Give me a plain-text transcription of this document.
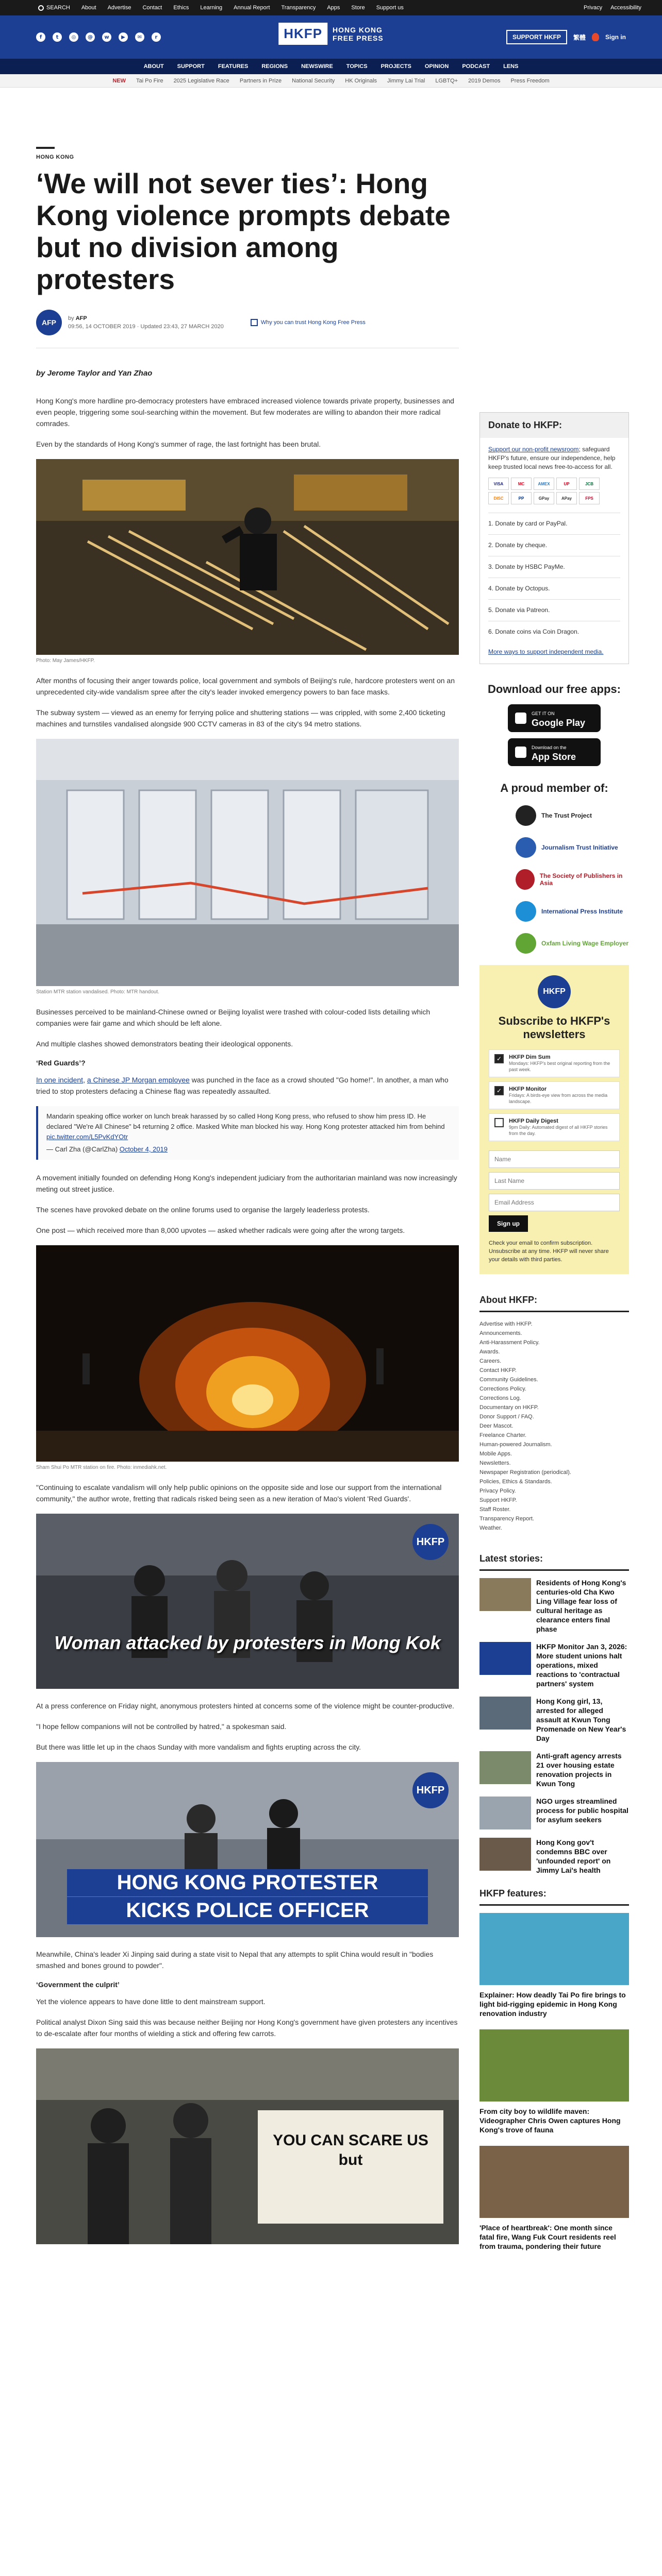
SEARCH About Advertise Contact Ethics Learning Annual Report Transparency Apps Store Support us	Privacy Accessibility
f	t	◎	@	w	▶	✉	r	HKFP	HONG KONG
FREE PRESS	SUPPORT HKFP	繁體	Sign in
ABOUT SUPPORT FEATURES REGIONS NEWSWIRE TOPICS PROJECTS OPINION PODCAST LENS
NEW Tai Po Fire 2025 Legislative Race Partners in Prize National Security HK Originals Jimmy Lai Trial LGBTQ+ 2019 Demos Press Freedom
HONG KONG
‘We will not sever ties’: Hong Kong violence prompts debate but no division among protesters
AFP	by AFP
09:56, 14 OCTOBER 2019 · Updated 23:43, 27 MARCH 2020
Why you can trust Hong Kong Free Press
by Jerome Taylor and Yan Zhao

Hong Kong's more hardline pro-democracy protesters have embraced increased violence towards private property, businesses and even people, triggering some soul-searching within the movement. But few moderates are willing to abandon their more radical comrades.

Even by the standards of Hong Kong's summer of rage, the last fortnight has been brutal.

Photo: May James/HKFP.

After months of focusing their anger towards police, local government and symbols of Beijing's rule, hardcore protesters went on an unprecedented city-wide vandalism spree after the city's leader invoked emergency powers to ban face masks.

The subway system — viewed as an enemy for ferrying police and shuttering stations — was crippled, with some 2,400 ticketing machines and turnstiles vandalised alongside 900 CCTV cameras in 83 of the city's 94 metro stations.

Station MTR station vandalised. Photo: MTR handout.

Businesses perceived to be mainland-Chinese owned or Beijing loyalist were trashed with colour-coded lists detailing which companies were fair game and which should be left alone.

And multiple clashes showed demonstrators beating their ideological opponents.

‘Red Guards’?

In one incident, a Chinese JP Morgan employee was punched in the face as a crowd shouted "Go home!". In another, a man who tried to stop protesters defacing a Chinese flag was repeatedly assaulted.

Mandarin speaking office worker on lunch break harassed by so called Hong Kong press, who refused to show him press ID. He declared "We're All Chinese" b4 returning 2 office. Masked White man blocked his way. Hong Kong protester attacked him from behind pic.twitter.com/L5PvKdYOtr
— Carl Zha (@CarlZha) October 4, 2019

A movement initially founded on defending Hong Kong's independent judiciary from the authoritarian mainland was now increasingly meting out street justice.

The scenes have provoked debate on the online forums used to organise the largely leaderless protests.

One post — which received more than 8,000 upvotes — asked whether radicals were going after the wrong targets.

Sham Shui Po MTR station on fire. Photo: inmediahk.net.

"Continuing to escalate vandalism will only help public opinions on the opposite side and lose our support from the international community," the author wrote, fretting that radicals risked being seen as a new iteration of Mao's violent 'Red Guards'.

HKFP
Woman attacked by protesters in Mong Kok

At a press conference on Friday night, anonymous protesters hinted at concerns some of the violence might be counter-productive.

"I hope fellow companions will not be controlled by hatred," a spokesman said.

But there was little let up in the chaos Sunday with more vandalism and fights erupting across the city.

HKFP
HONG KONG PROTESTER
KICKS POLICE OFFICER

Meanwhile, China's leader Xi Jinping said during a state visit to Nepal that any attempts to split China would result in "bodies smashed and bones ground to powder".

‘Government the culprit’

Yet the violence appears to have done little to dent mainstream support.

Political analyst Dixon Sing said this was because neither Beijing nor Hong Kong's government have given protesters any incentives to de-escalate after four months of wielding a stick and offering few carrots.

YOU CAN SCARE US
but
Donate to HKFP:

Support our non-profit newsroom; safeguard HKFP's future, ensure our independence, help keep trusted local news free-to-access for all.

VISA	MC	AMEX	UP	JCB
DISC	PP	GPay	APay	FPS
1. Donate by card or PayPal.
2. Donate by cheque.
3. Donate by HSBC PayMe.
4. Donate by Octopus.
5. Donate via Patreon.
6. Donate coins via Coin Dragon.
More ways to support independent media.
Download our free apps:
GET IT ON
Google Play
Download on the
App Store
A proud member of:
The Trust Project
Journalism Trust Initiative
The Society of Publishers in Asia
International Press Institute
Oxfam Living Wage Employer
HKFP
Subscribe to HKFP's newsletters
✓	HKFP Dim Sum
Mondays: HKFP's best original reporting from the past week.
✓	HKFP Monitor
Fridays: A birds-eye view from across the media landscape.
HKFP Daily Digest
9pm Daily: Automated digest of all HKFP stories from the day.
Name Last Name Email Address Sign up

Check your email to confirm subscription. Unsubscribe at any time. HKFP will never share your details with third parties.

About HKFP:
Advertise with HKFP.
Announcements.
Anti-Harassment Policy.
Awards.
Careers.
Contact HKFP.
Community Guidelines.
Corrections Policy.
Corrections Log.
Documentary on HKFP.
Donor Support / FAQ.
Deer Mascot.
Freelance Charter.
Human-powered Journalism.
Mobile Apps.
Newsletters.
Newspaper Registration (periodical).
Policies, Ethics & Standards.
Privacy Policy.
Support HKFP.
Staff Roster.
Transparency Report.
Weather.
Latest stories:
Residents of Hong Kong's centuries-old Cha Kwo Ling Village fear loss of cultural heritage as clearance enters final phase
HKFP Monitor Jan 3, 2026: More student unions halt operations, mixed reactions to 'contractual partners' system
Hong Kong girl, 13, arrested for alleged assault at Kwun Tong Promenade on New Year's Day
Anti-graft agency arrests 21 over housing estate renovation projects in Kwun Tong
NGO urges streamlined process for public hospital for asylum seekers
Hong Kong gov't condemns BBC over 'unfounded report' on Jimmy Lai's health
HKFP features:
Explainer: How deadly Tai Po fire brings to light bid-rigging epidemic in Hong Kong renovation industry
From city boy to wildlife maven: Videographer Chris Owen captures Hong Kong's trove of fauna
'Place of heartbreak': One month since fatal fire, Wang Fuk Court residents reel from trauma, pondering their future
